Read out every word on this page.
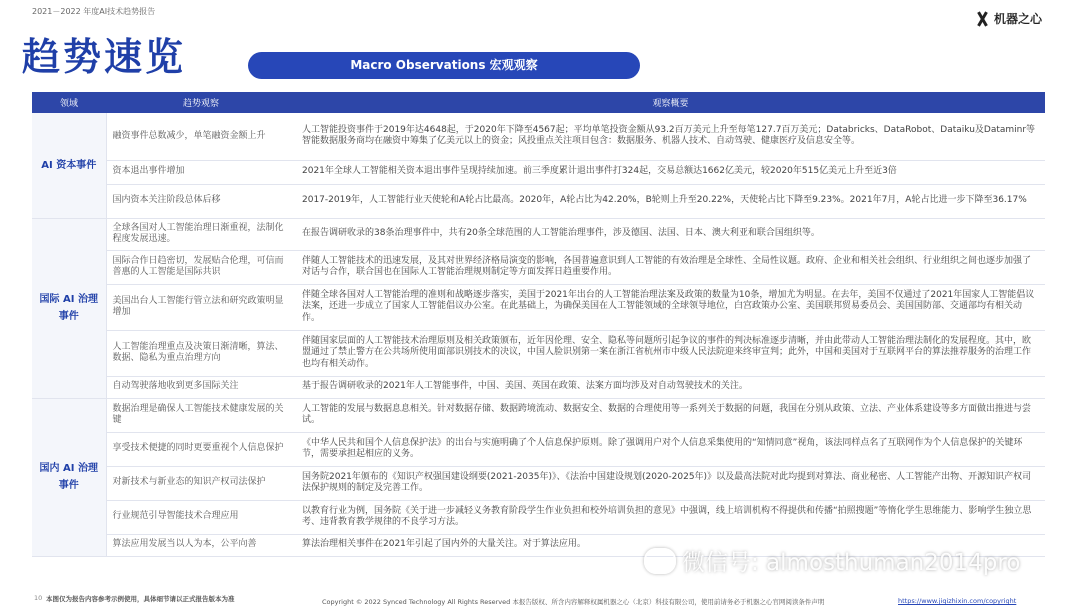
2021－2022 年度AI技术趋势报告
机器之心
趋势速览	Macro Observations 宏观观察
领域	趋势观察	观察概要
AI 资本事件	融资事件总数减少，单笔融资金额上升	人工智能投资事件于2019年达4648起，于2020年下降至4567起；平均单笔投资金额从93.2百万美元上升至每笔127.7百万美元；Databricks、DataRobot、Dataiku及Dataminr等智能数据服务商均在融资中筹集了亿美元以上的资金；风投重点关注项目包含：数据服务、机器人技术、自动驾驶、健康医疗及信息安全等。
	资本退出事件增加	2021年全球人工智能相关资本退出事件呈现持续加速。前三季度累计退出事件打324起，交易总额达1662亿美元，较2020年515亿美元上升至近3倍
	国内资本关注阶段总体后移	2017-2019年，人工智能行业天使轮和A轮占比最高。2020年，A轮占比为42.20%，B轮则上升至20.22%，天使轮占比下降至9.23%。2021年7月，A轮占比进一步下降至36.17%
国际 AI 治理事件	全球各国对人工智能治理日渐重视，法制化程度发展迅速。	在报告调研收录的38条治理事件中，共有20条全球范围的人工智能治理事件，涉及德国、法国、日本、澳大利亚和联合国组织等。
	国际合作日趋密切，发展贴合伦理，可信而普惠的人工智能是国际共识	伴随人工智能技术的迅速发展，及其对世界经济格局演变的影响，各国普遍意识到人工智能的有效治理是全球性、全局性议题。政府、企业和相关社会组织、行业组织之间也逐步加强了对话与合作，联合国也在国际人工智能治理规则制定等方面发挥日趋重要作用。
	美国出台人工智能行管立法和研究政策明显增加	伴随全球各国对人工智能治理的准则和战略逐步落实，美国于2021年出台的人工智能治理法案及政策的数量为10条，增加尤为明显。在去年，美国不仅通过了2021年国家人工智能倡议法案，还进一步成立了国家人工智能倡议办公室。在此基础上，为确保美国在人工智能领域的全球领导地位，白宫政策办公室、美国联邦贸易委员会、美国国防部、交通部均有相关动作。
	人工智能治理重点及决策日渐清晰，算法、数据、隐私为重点治理方向	伴随国家层面的人工智能技术治理原则及相关政策颁布，近年因伦理、安全、隐私等问题所引起争议的事件的判决标准逐步清晰，并由此带动人工智能治理法制化的发展程度。其中，欧盟通过了禁止警方在公共场所使用面部识别技术的决议，中国人脸识别第一案在浙江省杭州市中级人民法院迎来终审宣判；此外，中国和美国对于互联网平台的算法推荐服务的治理工作也均有相关动作。
	自动驾驶落地收到更多国际关注	基于报告调研收录的2021年人工智能事件，中国、美国、英国在政策、法案方面均涉及对自动驾驶技术的关注。
国内 AI 治理事件	数据治理是确保人工智能技术健康发展的关键	人工智能的发展与数据息息相关。针对数据存储、数据跨境流动、数据安全、数据的合理使用等一系列关于数据的问题，我国在分别从政策、立法、产业体系建设等多方面做出推进与尝试。
	享受技术便捷的同时更要重视个人信息保护	《中华人民共和国个人信息保护法》的出台与实施明确了个人信息保护原则。除了强调用户对个人信息采集使用的“知情同意”视角，该法同样点名了互联网作为个人信息保护的关键环节，需要承担起相应的义务。
	对新技术与新业态的知识产权司法保护	国务院2021年颁布的《知识产权强国建设纲要(2021-2035年)》、《法治中国建设规划(2020-2025年)》以及最高法院对此均提到对算法、商业秘密、人工智能产出物、开源知识产权司法保护规则的制定及完善工作。
	行业规范引导智能技术合理应用	以教育行业为例，国务院《关于进一步减轻义务教育阶段学生作业负担和校外培训负担的意见》中强调，线上培训机构不得提供和传播“拍照搜题”等惰化学生思维能力、影响学生独立思考、违背教育教学规律的不良学习方法。
	算法应用发展当以人为本，公平向善	算法治理相关事件在2021年引起了国内外的大量关注。对于算法应用。
微信号: almosthuman2014pro
10 本图仅为报告内容参考示例使用，具体细节请以正式报告版本为准	Copyright © 2022 Synced Technology All Rights Reserved 本报告版权、所含内容解释权属机器之心（北京）科技有限公司，使用前请务必于机器之心官网阅读条件声明	https://www.jiqizhixin.com/copyright
